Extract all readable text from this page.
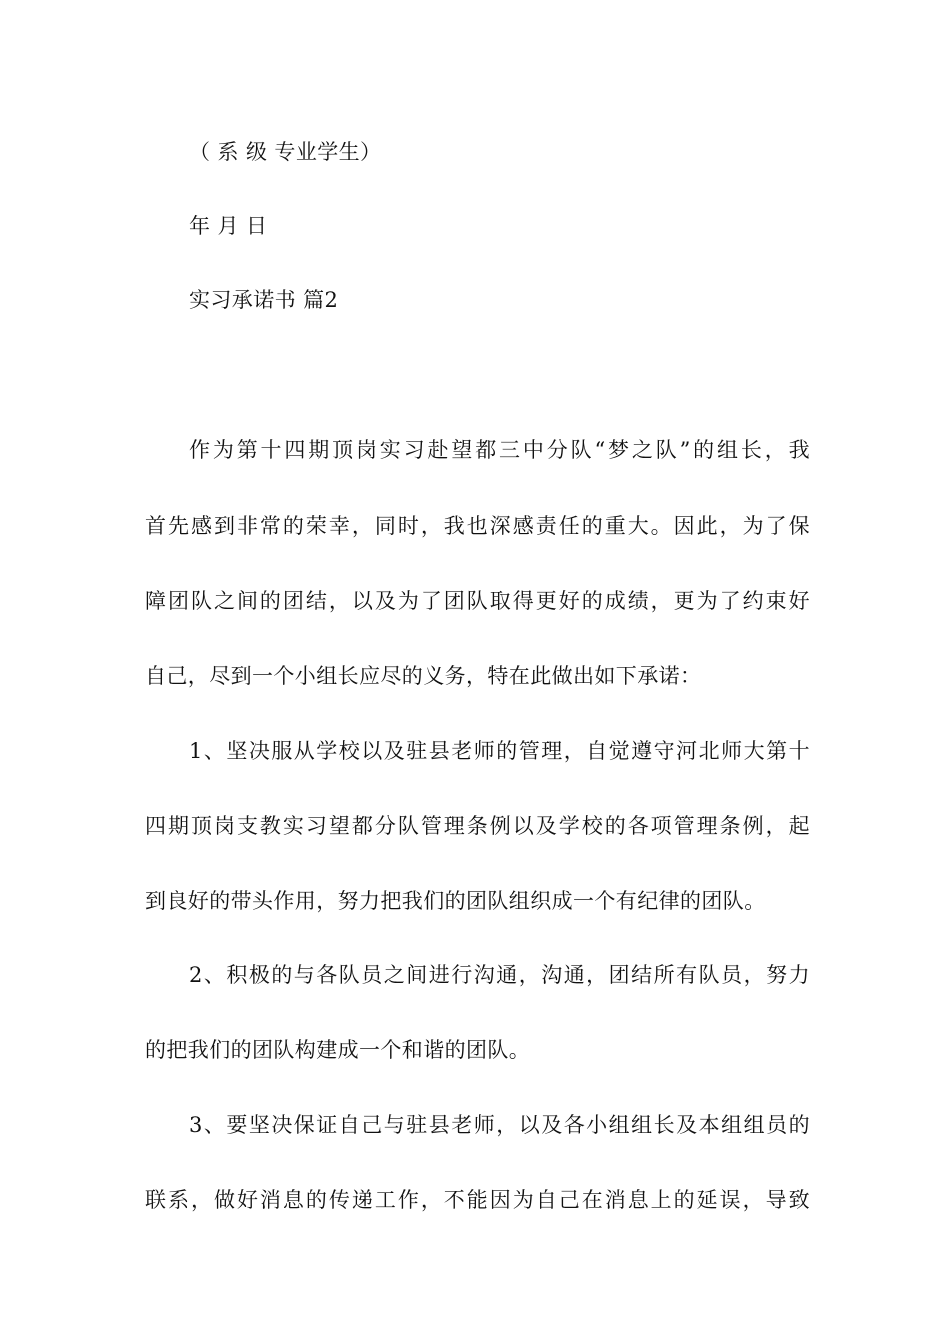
（ 系 级 专业学生）
年 月 日
实习承诺书 篇2
作为第十四期顶岗实习赴望都三中分队“梦之队”的组长，我
首先感到非常的荣幸，同时，我也深感责任的重大。因此，为了保
障团队之间的团结，以及为了团队取得更好的成绩，更为了约束好
自己，尽到一个小组长应尽的义务，特在此做出如下承诺：
1、坚决服从学校以及驻县老师的管理，自觉遵守河北师大第十
四期顶岗支教实习望都分队管理条例以及学校的各项管理条例，起
到良好的带头作用，努力把我们的团队组织成一个有纪律的团队。
2、积极的与各队员之间进行沟通，沟通，团结所有队员，努力
的把我们的团队构建成一个和谐的团队。
3、要坚决保证自己与驻县老师，以及各小组组长及本组组员的
联系，做好消息的传递工作，不能因为自己在消息上的延误，导致
